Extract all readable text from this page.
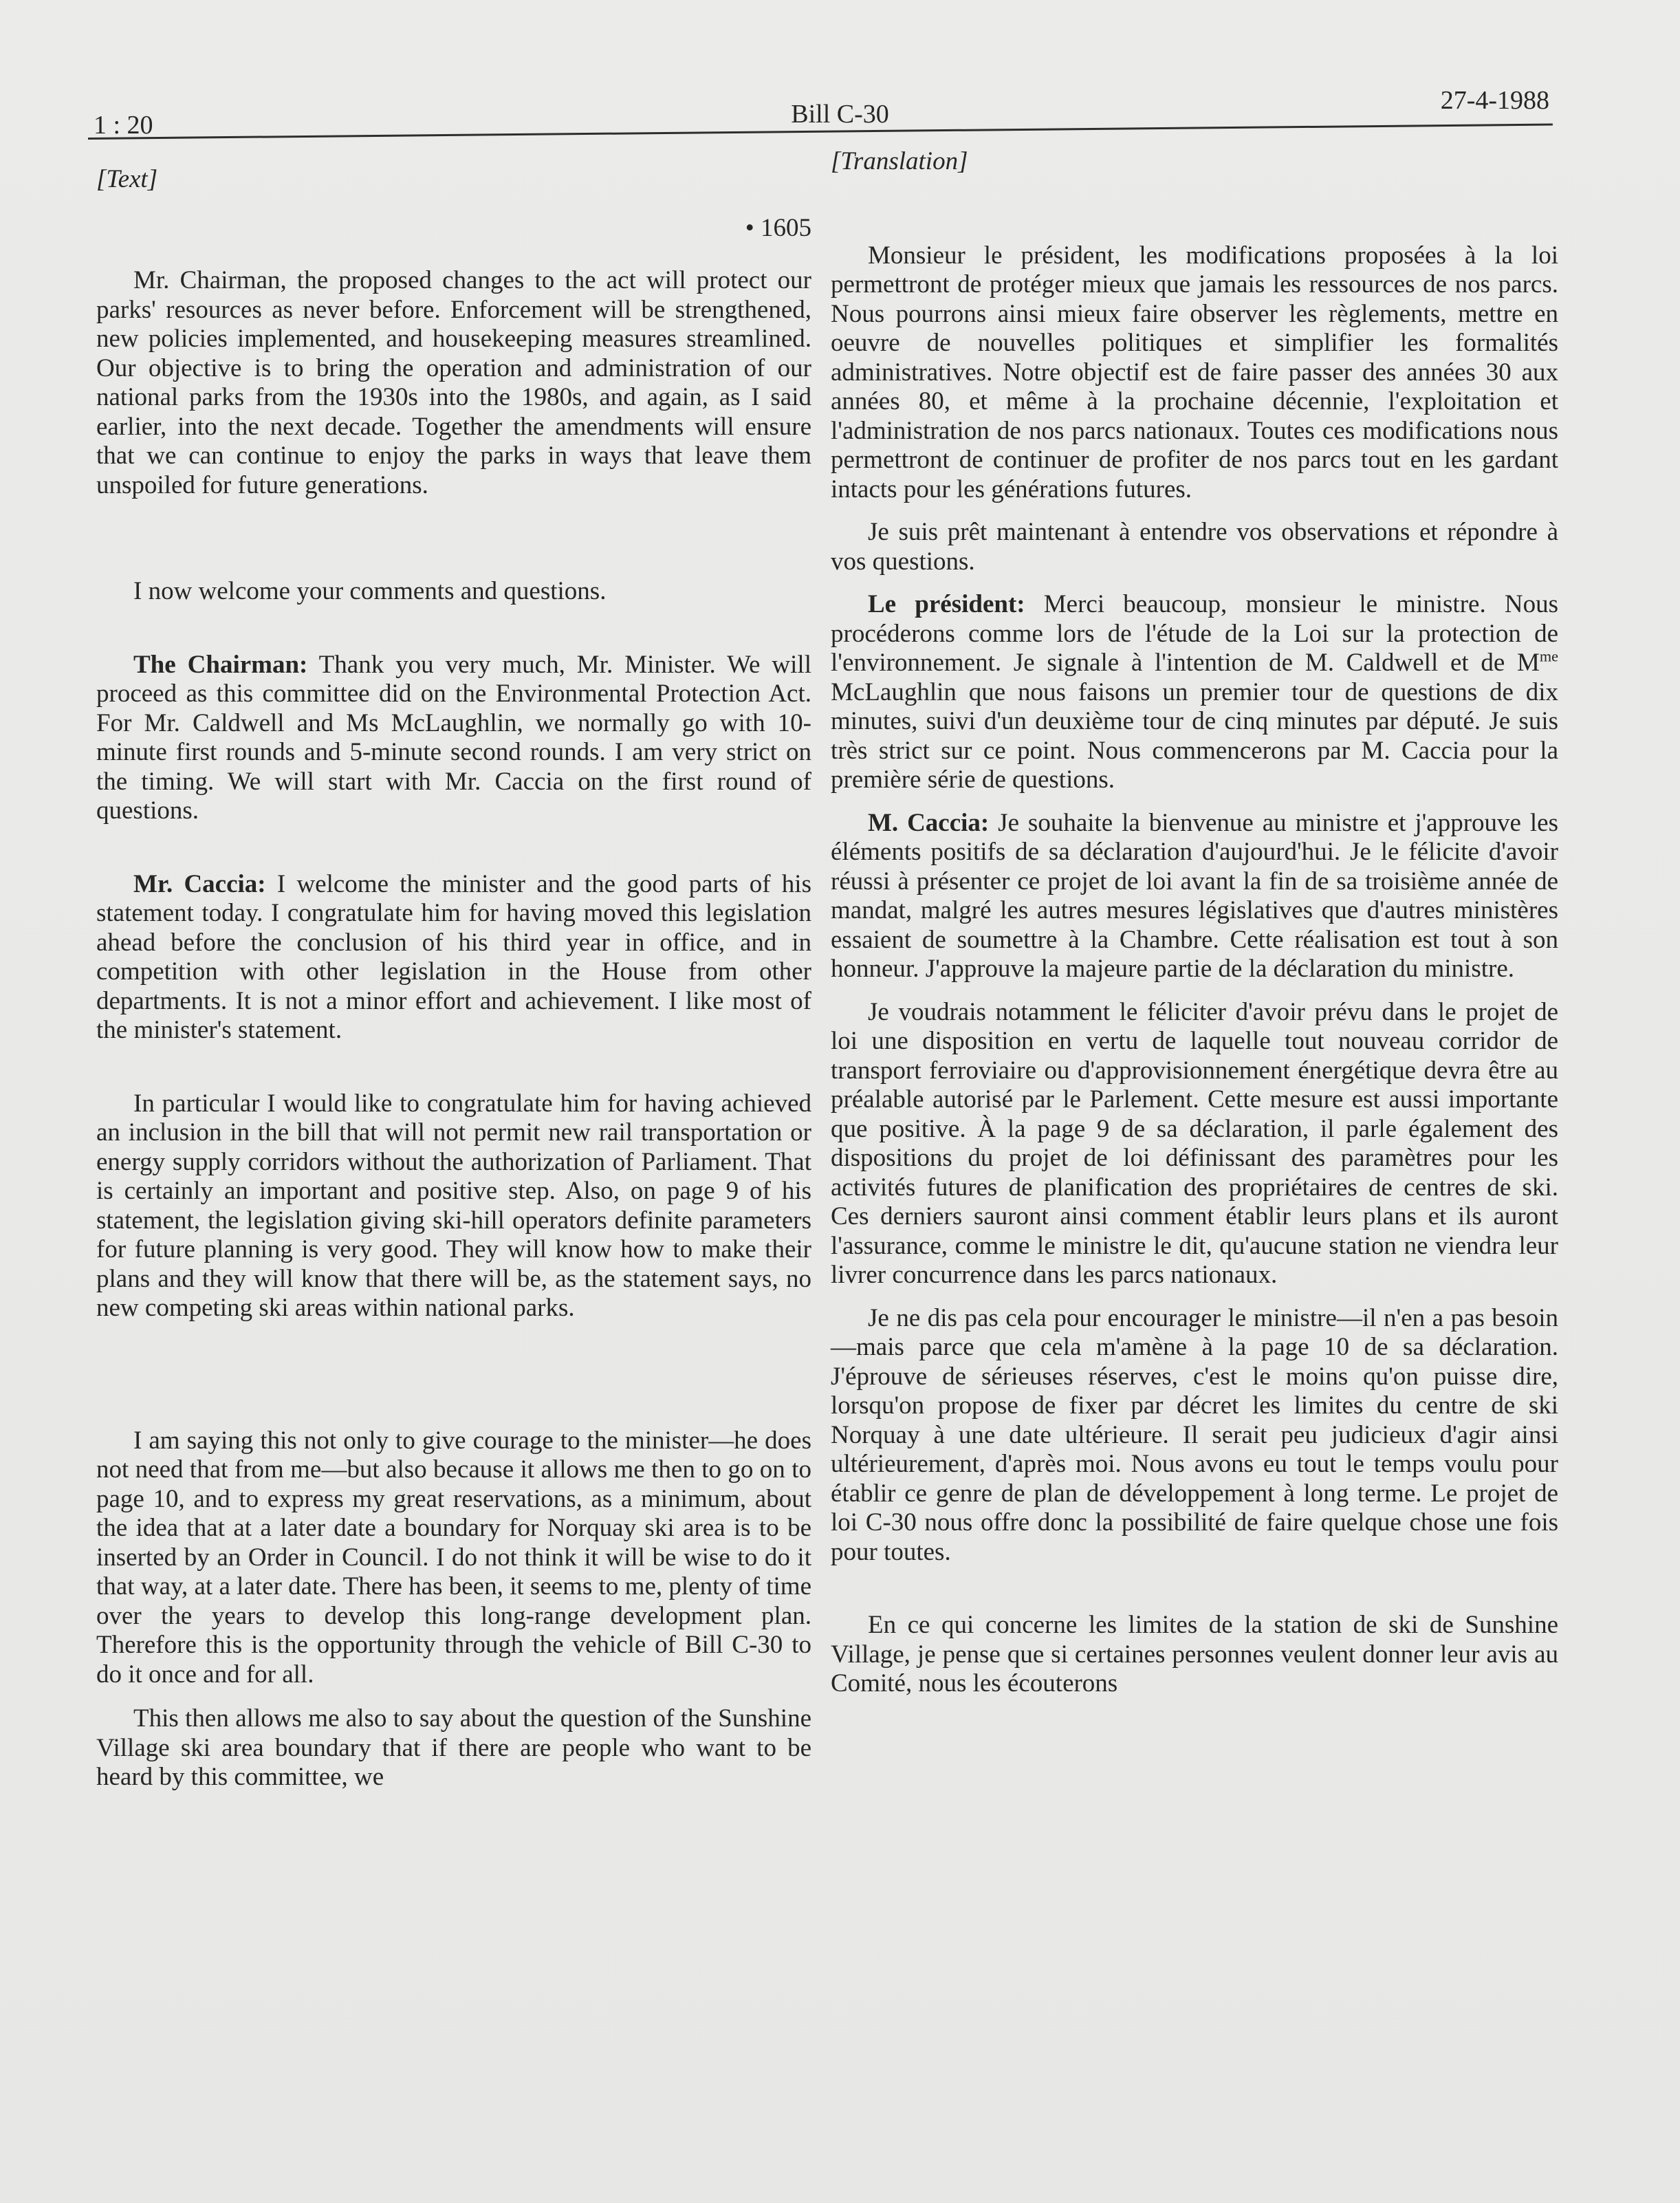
1 : 20	Bill C-30	27-4-1988
[Text]
• 1605

Mr. Chairman, the proposed changes to the act will protect our parks' resources as never before. Enforcement will be strengthened, new policies implemented, and housekeeping measures streamlined. Our objective is to bring the operation and administration of our national parks from the 1930s into the 1980s, and again, as I said earlier, into the next decade. Together the amendments will ensure that we can continue to enjoy the parks in ways that leave them unspoiled for future generations.

I now welcome your comments and questions.

The Chairman: Thank you very much, Mr. Minister. We will proceed as this committee did on the Environmental Protection Act. For Mr. Caldwell and Ms McLaughlin, we normally go with 10-minute first rounds and 5-minute second rounds. I am very strict on the timing. We will start with Mr. Caccia on the first round of questions.

Mr. Caccia: I welcome the minister and the good parts of his statement today. I congratulate him for having moved this legislation ahead before the conclusion of his third year in office, and in competition with other legislation in the House from other departments. It is not a minor effort and achievement. I like most of the minister's statement.

In particular I would like to congratulate him for having achieved an inclusion in the bill that will not permit new rail transportation or energy supply corridors without the authorization of Parliament. That is certainly an important and positive step. Also, on page 9 of his statement, the legislation giving ski-hill operators definite parameters for future planning is very good. They will know how to make their plans and they will know that there will be, as the statement says, no new competing ski areas within national parks.

I am saying this not only to give courage to the minister—he does not need that from me—but also because it allows me then to go on to page 10, and to express my great reservations, as a minimum, about the idea that at a later date a boundary for Norquay ski area is to be inserted by an Order in Council. I do not think it will be wise to do it that way, at a later date. There has been, it seems to me, plenty of time over the years to develop this long-range development plan. Therefore this is the opportunity through the vehicle of Bill C-30 to do it once and for all.

This then allows me also to say about the question of the Sunshine Village ski area boundary that if there are people who want to be heard by this committee, we

[Translation]

Monsieur le président, les modifications proposées à la loi permettront de protéger mieux que jamais les ressources de nos parcs. Nous pourrons ainsi mieux faire observer les règlements, mettre en oeuvre de nouvelles politiques et simplifier les formalités administratives. Notre objectif est de faire passer des années 30 aux années 80, et même à la prochaine décennie, l'exploitation et l'administration de nos parcs nationaux. Toutes ces modifications nous permettront de continuer de profiter de nos parcs tout en les gardant intacts pour les générations futures.

Je suis prêt maintenant à entendre vos observations et répondre à vos questions.

Le président: Merci beaucoup, monsieur le ministre. Nous procéderons comme lors de l'étude de la Loi sur la protection de l'environnement. Je signale à l'intention de M. Caldwell et de $M^{me}$ McLaughlin que nous faisons un premier tour de questions de dix minutes, suivi d'un deuxième tour de cinq minutes par député. Je suis très strict sur ce point. Nous commencerons par M. Caccia pour la première série de questions.

M. Caccia: Je souhaite la bienvenue au ministre et j'approuve les éléments positifs de sa déclaration d'aujourd'hui. Je le félicite d'avoir réussi à présenter ce projet de loi avant la fin de sa troisième année de mandat, malgré les autres mesures législatives que d'autres ministères essaient de soumettre à la Chambre. Cette réalisation est tout à son honneur. J'approuve la majeure partie de la déclaration du ministre.

Je voudrais notamment le féliciter d'avoir prévu dans le projet de loi une disposition en vertu de laquelle tout nouveau corridor de transport ferroviaire ou d'approvisionnement énergétique devra être au préalable autorisé par le Parlement. Cette mesure est aussi importante que positive. À la page 9 de sa déclaration, il parle également des dispositions du projet de loi définissant des paramètres pour les activités futures de planification des propriétaires de centres de ski. Ces derniers sauront ainsi comment établir leurs plans et ils auront l'assurance, comme le ministre le dit, qu'aucune station ne viendra leur livrer concurrence dans les parcs nationaux.

Je ne dis pas cela pour encourager le ministre—il n'en a pas besoin—mais parce que cela m'amène à la page 10 de sa déclaration. J'éprouve de sérieuses réserves, c'est le moins qu'on puisse dire, lorsqu'on propose de fixer par décret les limites du centre de ski Norquay à une date ultérieure. Il serait peu judicieux d'agir ainsi ultérieurement, d'après moi. Nous avons eu tout le temps voulu pour établir ce genre de plan de développement à long terme. Le projet de loi C-30 nous offre donc la possibilité de faire quelque chose une fois pour toutes.

En ce qui concerne les limites de la station de ski de Sunshine Village, je pense que si certaines personnes veulent donner leur avis au Comité, nous les écouterons
